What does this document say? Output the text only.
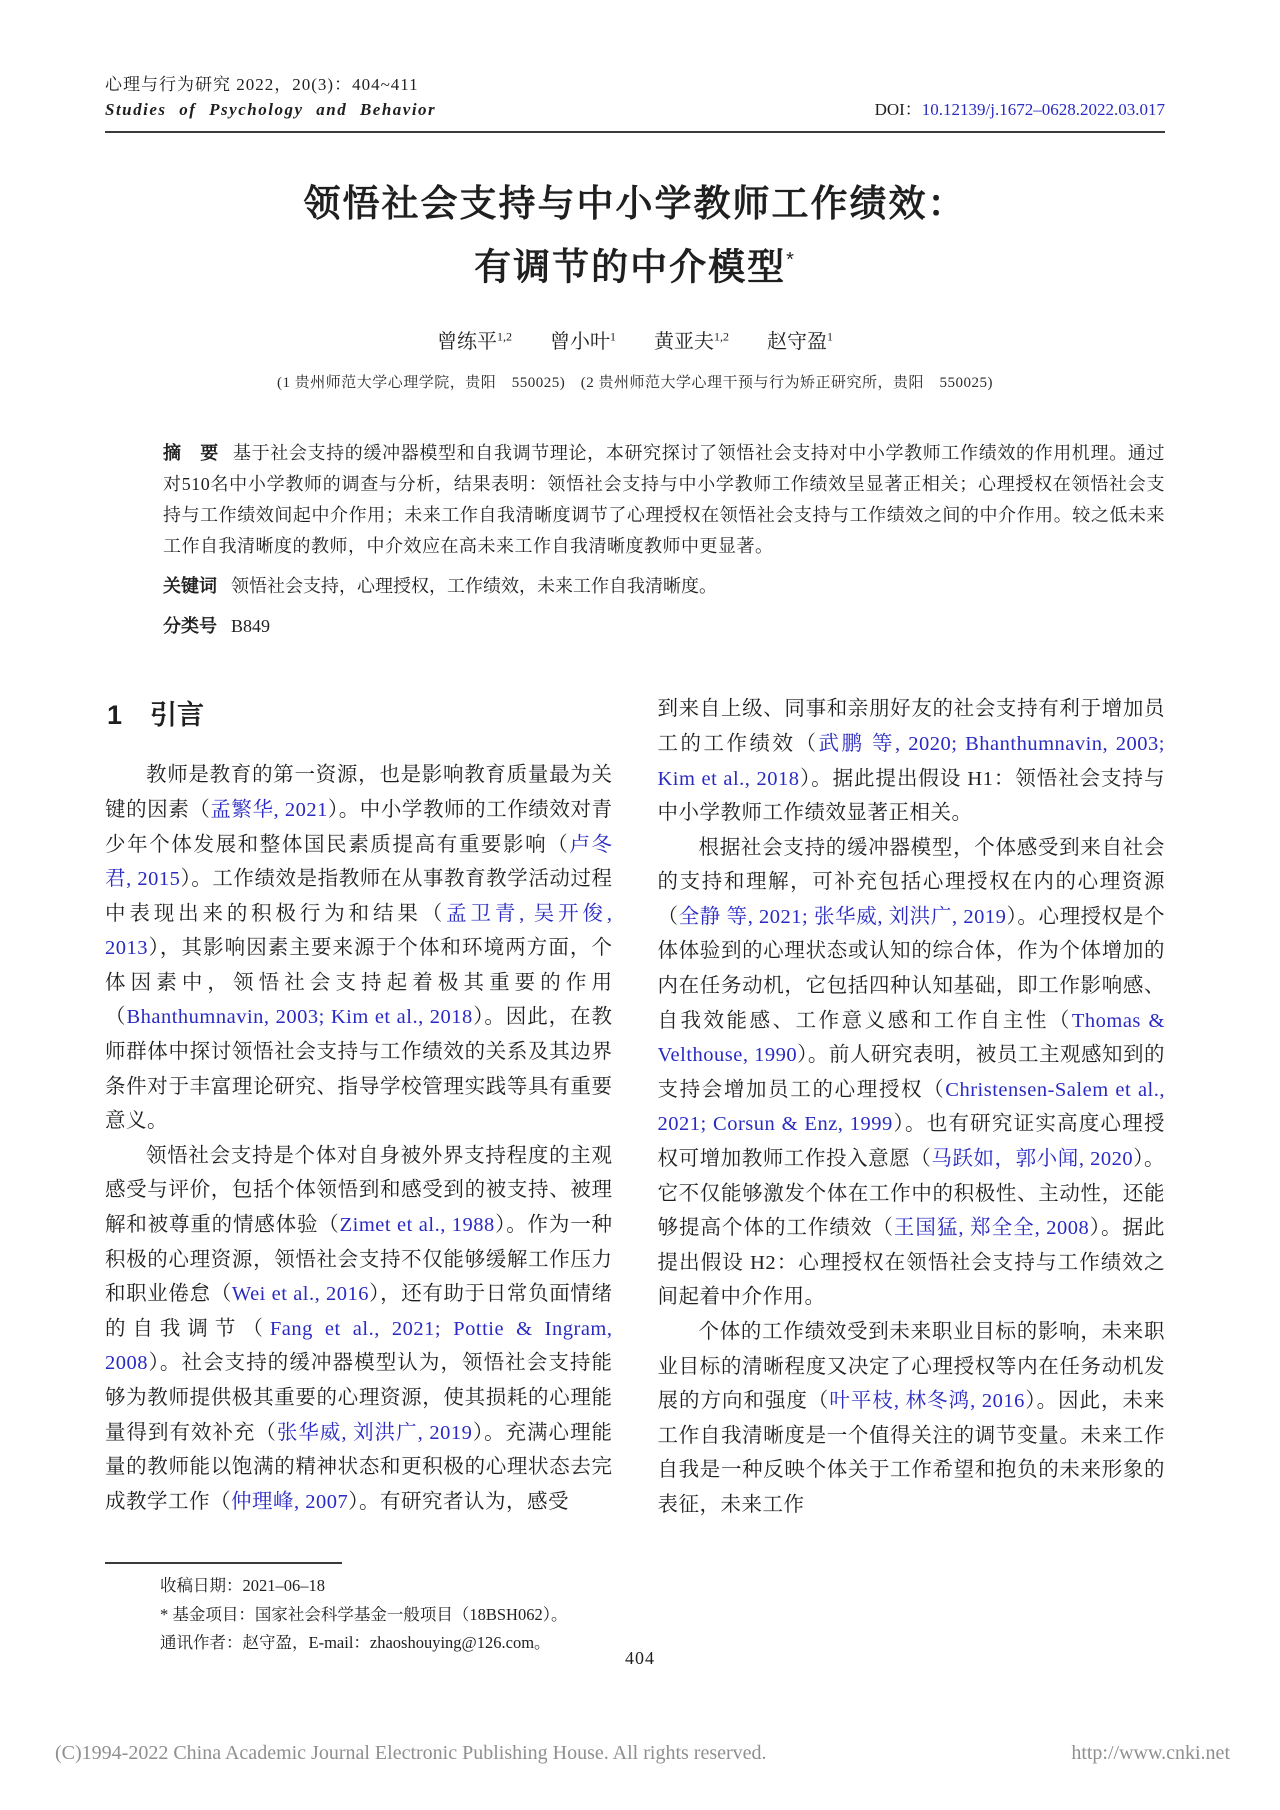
心理与行为研究 2022，20(3)：404~411
Studies of Psychology and Behavior	DOI：10.12139/j.1672–0628.2022.03.017
领悟社会支持与中小学教师工作绩效：
有调节的中介模型*
曾练平$^{1,2}$ 曾小叶$^1$ 黄亚夫$^{1,2}$ 赵守盈$^1$
(1 贵州师范大学心理学院，贵阳　550025)　(2 贵州师范大学心理干预与行为矫正研究所，贵阳　550025)
摘　要 基于社会支持的缓冲器模型和自我调节理论，本研究探讨了领悟社会支持对中小学教师工作绩效的作用机理。通过对510名中小学教师的调查与分析，结果表明：领悟社会支持与中小学教师工作绩效呈显著正相关；心理授权在领悟社会支持与工作绩效间起中介作用；未来工作自我清晰度调节了心理授权在领悟社会支持与工作绩效之间的中介作用。较之低未来工作自我清晰度的教师，中介效应在高未来工作自我清晰度教师中更显著。
关键词 领悟社会支持，心理授权，工作绩效，未来工作自我清晰度。
分类号 B849
1 引言

教师是教育的第一资源，也是影响教育质量最为关键的因素（孟繁华, 2021）。中小学教师的工作绩效对青少年个体发展和整体国民素质提高有重要影响（卢冬君, 2015）。工作绩效是指教师在从事教育教学活动过程中表现出来的积极行为和结果（孟卫青, 吴开俊, 2013），其影响因素主要来源于个体和环境两方面，个体因素中，领悟社会支持起着极其重要的作用（Bhanthumnavin, 2003; Kim et al., 2018）。因此，在教师群体中探讨领悟社会支持与工作绩效的关系及其边界条件对于丰富理论研究、指导学校管理实践等具有重要意义。

领悟社会支持是个体对自身被外界支持程度的主观感受与评价，包括个体领悟到和感受到的被支持、被理解和被尊重的情感体验（Zimet et al., 1988）。作为一种积极的心理资源，领悟社会支持不仅能够缓解工作压力和职业倦怠（Wei et al., 2016），还有助于日常负面情绪的自我调节（Fang et al., 2021; Pottie & Ingram, 2008）。社会支持的缓冲器模型认为，领悟社会支持能够为教师提供极其重要的心理资源，使其损耗的心理能量得到有效补充（张华威, 刘洪广, 2019）。充满心理能量的教师能以饱满的精神状态和更积极的心理状态去完成教学工作（仲理峰, 2007）。有研究者认为，感受

到来自上级、同事和亲朋好友的社会支持有利于增加员工的工作绩效（武鹏 等, 2020; Bhanthumnavin, 2003; Kim et al., 2018）。据此提出假设 H1：领悟社会支持与中小学教师工作绩效显著正相关。

根据社会支持的缓冲器模型，个体感受到来自社会的支持和理解，可补充包括心理授权在内的心理资源（全静 等, 2021; 张华威, 刘洪广, 2019）。心理授权是个体体验到的心理状态或认知的综合体，作为个体增加的内在任务动机，它包括四种认知基础，即工作影响感、自我效能感、工作意义感和工作自主性（Thomas & Velthouse, 1990）。前人研究表明，被员工主观感知到的支持会增加员工的心理授权（Christensen-Salem et al., 2021; Corsun & Enz, 1999）。也有研究证实高度心理授权可增加教师工作投入意愿（马跃如，郭小闻, 2020）。它不仅能够激发个体在工作中的积极性、主动性，还能够提高个体的工作绩效（王国猛, 郑全全, 2008）。据此提出假设 H2：心理授权在领悟社会支持与工作绩效之间起着中介作用。

个体的工作绩效受到未来职业目标的影响，未来职业目标的清晰程度又决定了心理授权等内在任务动机发展的方向和强度（叶平枝, 林冬鸿, 2016）。因此，未来工作自我清晰度是一个值得关注的调节变量。未来工作自我是一种反映个体关于工作希望和抱负的未来形象的表征，未来工作

收稿日期：2021–06–18
* 基金项目：国家社会科学基金一般项目（18BSH062）。
通讯作者：赵守盈，E-mail：zhaoshouying@126.com。
404
(C)1994-2022 China Academic Journal Electronic Publishing House. All rights reserved.	http://www.cnki.net
